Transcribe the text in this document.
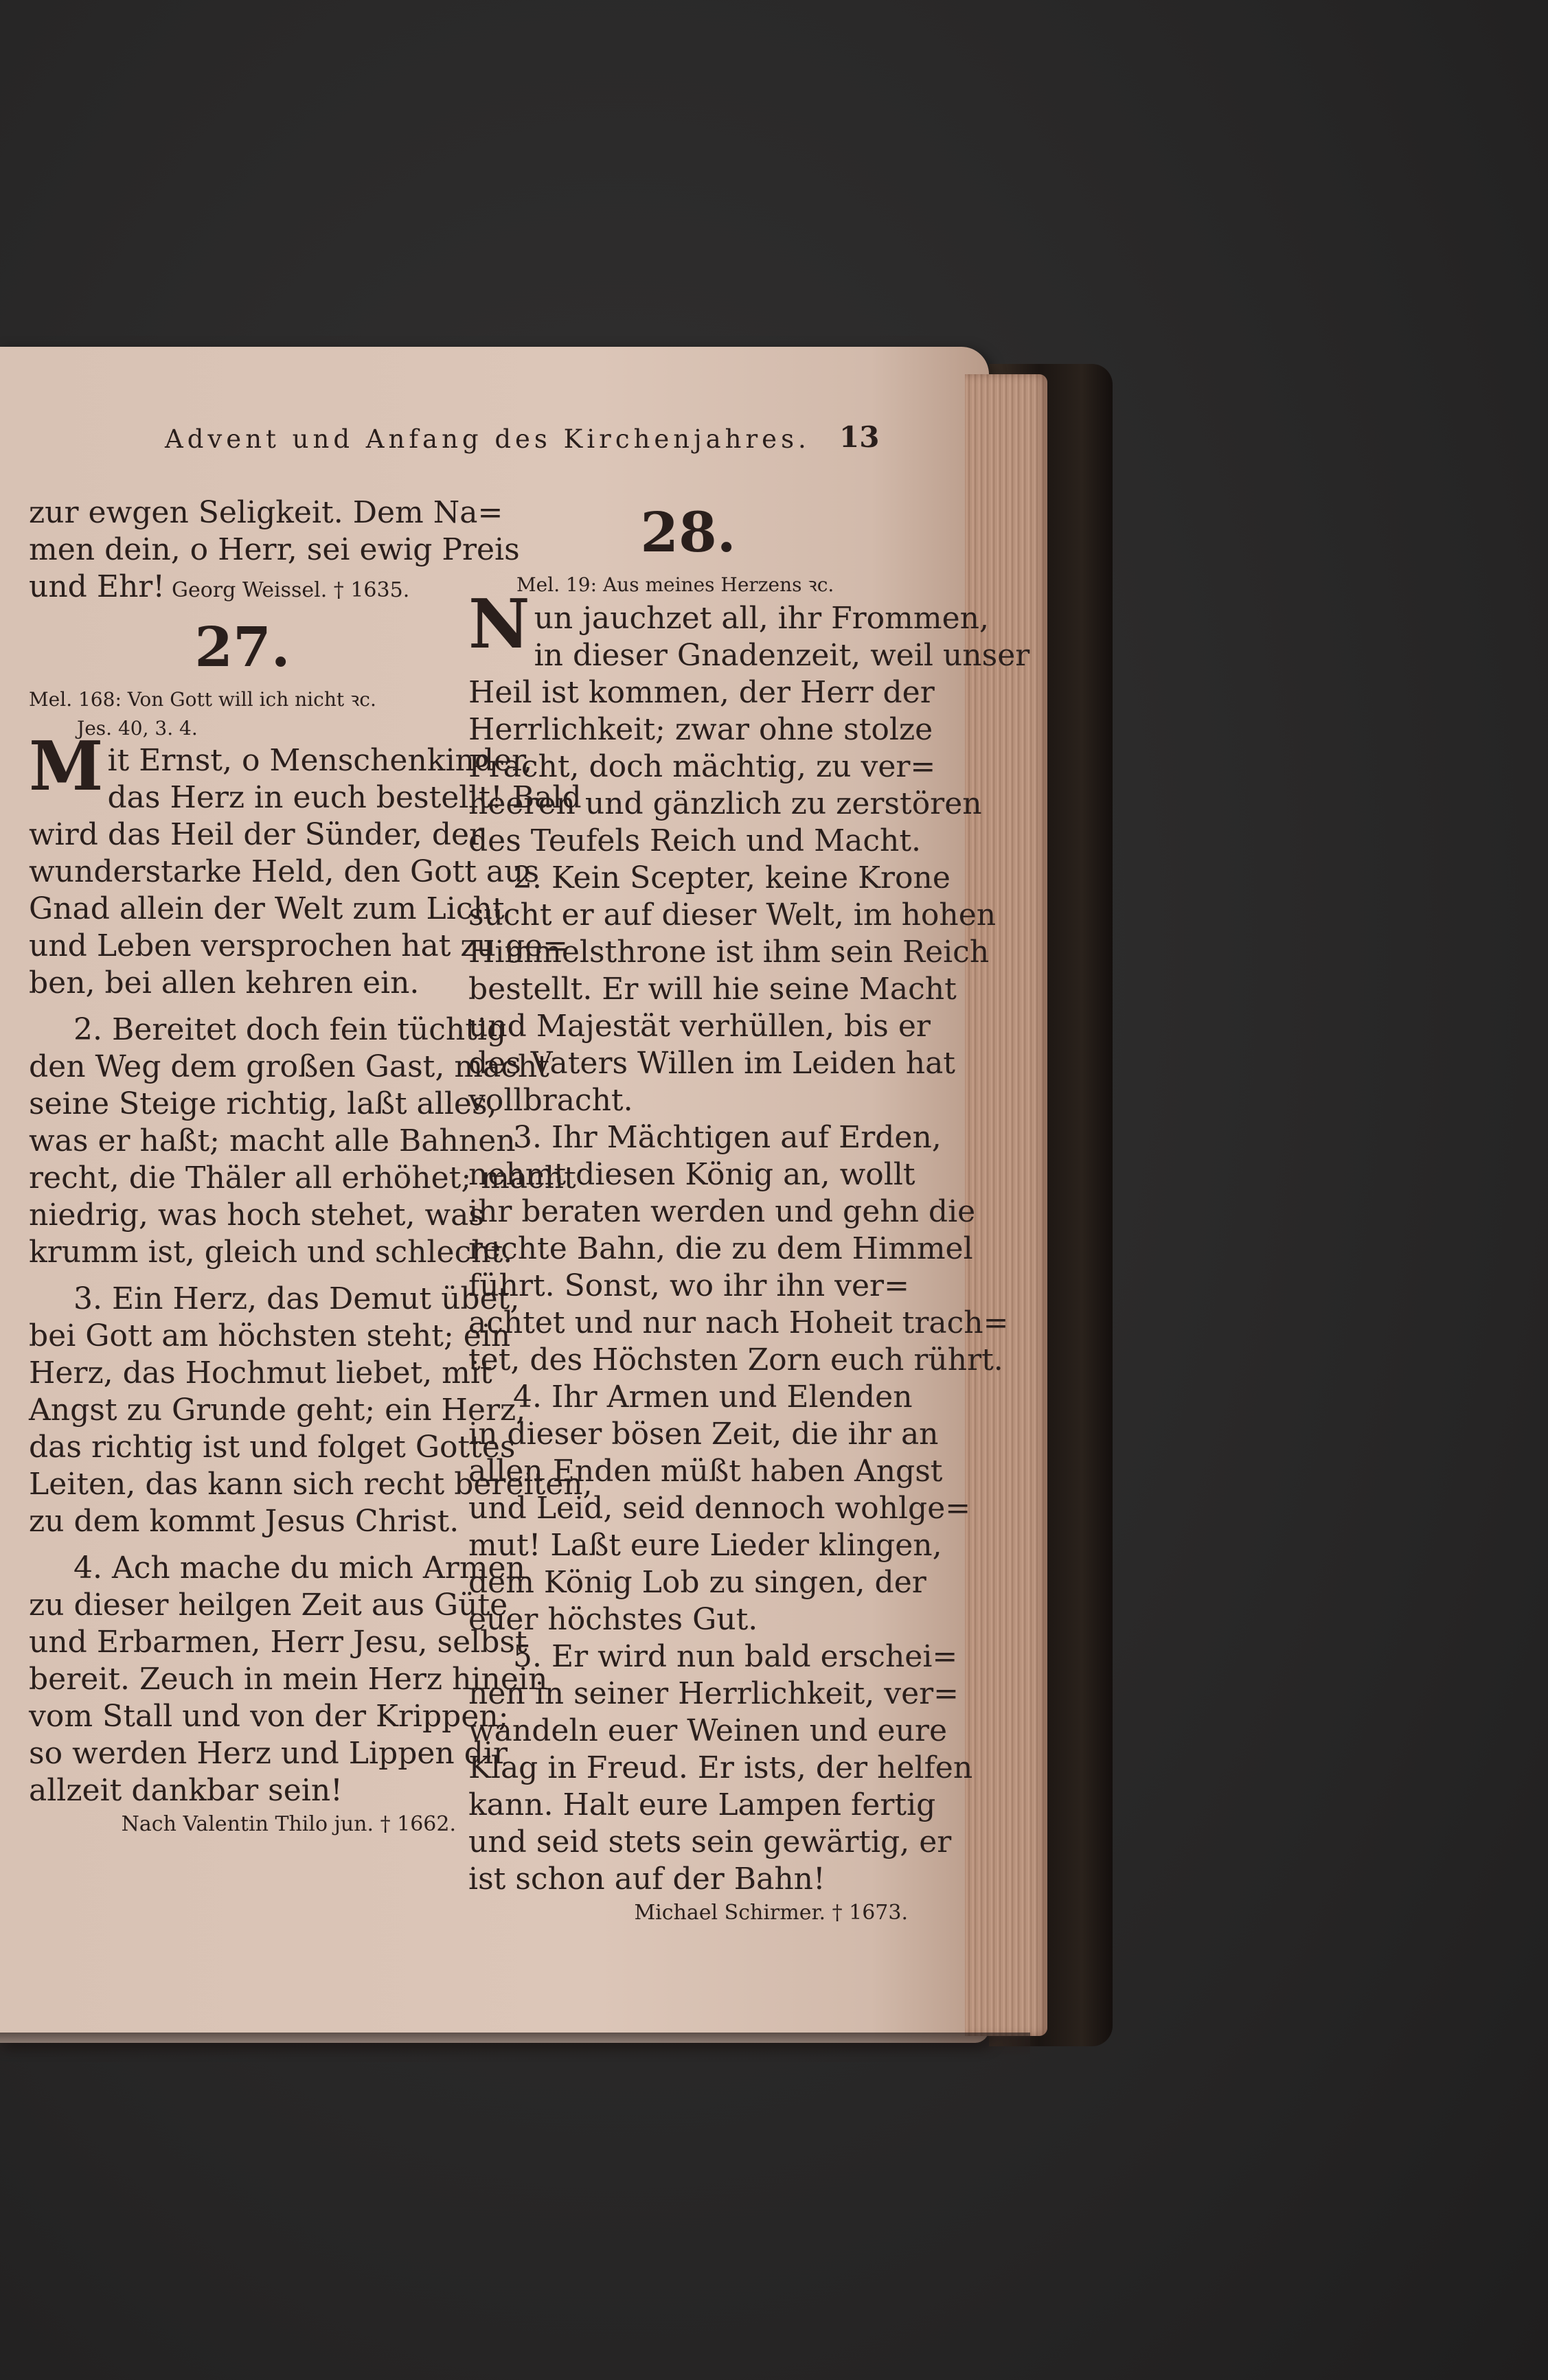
Advent und Anfang des Kirchenjahres. 13
zur ewgen Seligkeit. Dem Na=
men dein, o Herr, sei ewig Preis
und Ehr! Georg Weissel. † 1635.
27.
Mel. 168: Von Gott will ich nicht ꝛc.
Jes. 40, 3. 4.
Mit Ernst, o Menschenkinder,
das Herz in euch bestellt! Bald
wird das Heil der Sünder, der
wunderstarke Held, den Gott aus
Gnad allein der Welt zum Licht
und Leben versprochen hat zu ge=
ben, bei allen kehren ein.
2. Bereitet doch fein tüchtig
den Weg dem großen Gast, macht
seine Steige richtig, laßt alles,
was er haßt; macht alle Bahnen
recht, die Thäler all erhöhet; macht
niedrig, was hoch stehet, was
krumm ist, gleich und schlecht.
3. Ein Herz, das Demut übet,
bei Gott am höchsten steht; ein
Herz, das Hochmut liebet, mit
Angst zu Grunde geht; ein Herz,
das richtig ist und folget Gottes
Leiten, das kann sich recht bereiten,
zu dem kommt Jesus Christ.
4. Ach mache du mich Armen
zu dieser heilgen Zeit aus Güte
und Erbarmen, Herr Jesu, selbst
bereit. Zeuch in mein Herz hinein
vom Stall und von der Krippen;
so werden Herz und Lippen dir
allzeit dankbar sein!
Nach Valentin Thilo jun. † 1662.
28.
Mel. 19: Aus meines Herzens ꝛc.
Nun jauchzet all, ihr Frommen,
in dieser Gnadenzeit, weil unser
Heil ist kommen, der Herr der
Herrlichkeit; zwar ohne stolze
Pracht, doch mächtig, zu ver=
heeren und gänzlich zu zerstören
des Teufels Reich und Macht.
2. Kein Scepter, keine Krone
sucht er auf dieser Welt, im hohen
Himmelsthrone ist ihm sein Reich
bestellt. Er will hie seine Macht
und Majestät verhüllen, bis er
des Vaters Willen im Leiden hat
vollbracht.
3. Ihr Mächtigen auf Erden,
nehmt diesen König an, wollt
ihr beraten werden und gehn die
rechte Bahn, die zu dem Himmel
führt. Sonst, wo ihr ihn ver=
achtet und nur nach Hoheit trach=
tet, des Höchsten Zorn euch rührt.
4. Ihr Armen und Elenden
in dieser bösen Zeit, die ihr an
allen Enden müßt haben Angst
und Leid, seid dennoch wohlge=
mut! Laßt eure Lieder klingen,
dem König Lob zu singen, der
euer höchstes Gut.
5. Er wird nun bald erschei=
nen in seiner Herrlichkeit, ver=
wandeln euer Weinen und eure
Klag in Freud. Er ists, der helfen
kann. Halt eure Lampen fertig
und seid stets sein gewärtig, er
ist schon auf der Bahn!
Michael Schirmer. † 1673.
